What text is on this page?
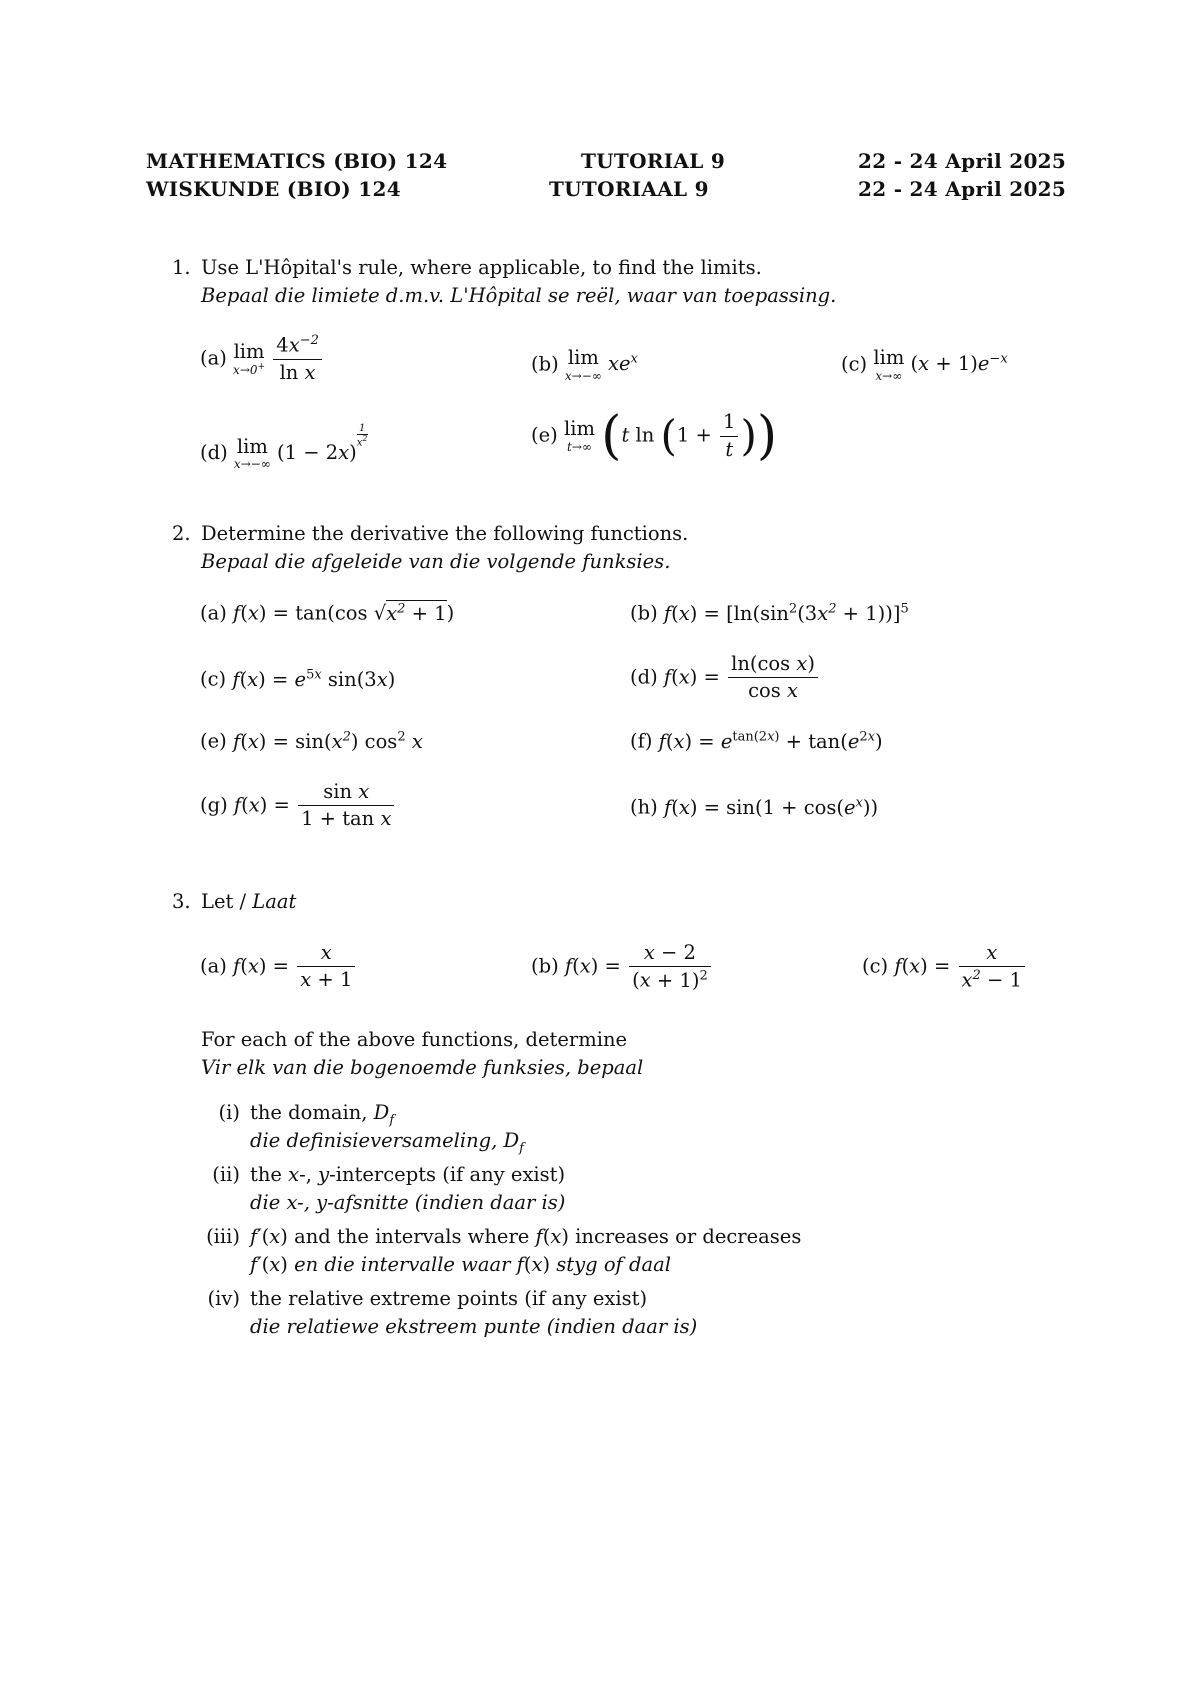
MATHEMATICS (BIO) 124	TUTORIAL 9	22 - 24 April 2025
WISKUNDE (BIO) 124	TUTORIAAL 9	22 - 24 April 2025
1. Use L'Hôpital's rule, where applicable, to find the limits.
Bepaal die limiete d.m.v. L'Hôpital se reël, waar van toepassing.
(a) lim
x→0+
$\frac{4x^{-2}}{\text{ln x}}$	(b) lim
x→−∞
$xe^x$	(c) lim
x→∞
$(x + 1)e^{-x}$
(d) lim
x→−∞
(1 − 2x)
$^{\frac{1}{x^2}}$	(e) lim
t→∞ (t $\ln (1 + \frac{1}{t}$ ))
2. Determine the derivative the following functions.
Bepaal die afgeleide van die volgende funksies.
(a) f(x) = tan(cos $√x^2 + 1$)	(b) $f(x) = [\ln(\sin^2(3x^2 + 1))]^5$
(c) $f(x) = e^{5x}$ sin(3x)	(d) $f(x) = \frac{\text{ln(cos x)}}{\text{cos x}}$
(e) $f(x) = \sin(x^2)$ $\cos^2 x$	(f) $f(x) = e^{tan(2x)} + \tan(e^{2x})$
(g) $f(x) = \frac{\text{sin x}}{\text{1 + tan x}}$	(h) $f(x) = \sin(1 + \cos(e^x))$
3. Let / Laat
(a) $f(x) = \frac{x}{x + 1}$	(b) $f(x) = \frac{x - 2}{(x + 1)^2}$	(c) $f(x) = \frac{x}{x^2 - 1}$
For each of the above functions, determine
Vir elk van die bogenoemde funksies, bepaal
(i) the domain, $D_f$
die definisieversameling, $D_f$
(ii) the x-, y-intercepts (if any exist)
die x-, y-afsnitte (indien daar is)
(iii) f′(x) and the intervals where f(x) increases or decreases
f′(x) en die intervalle waar f(x) styg of daal
(iv) the relative extreme points (if any exist)
die relatiewe ekstreem punte (indien daar is)
